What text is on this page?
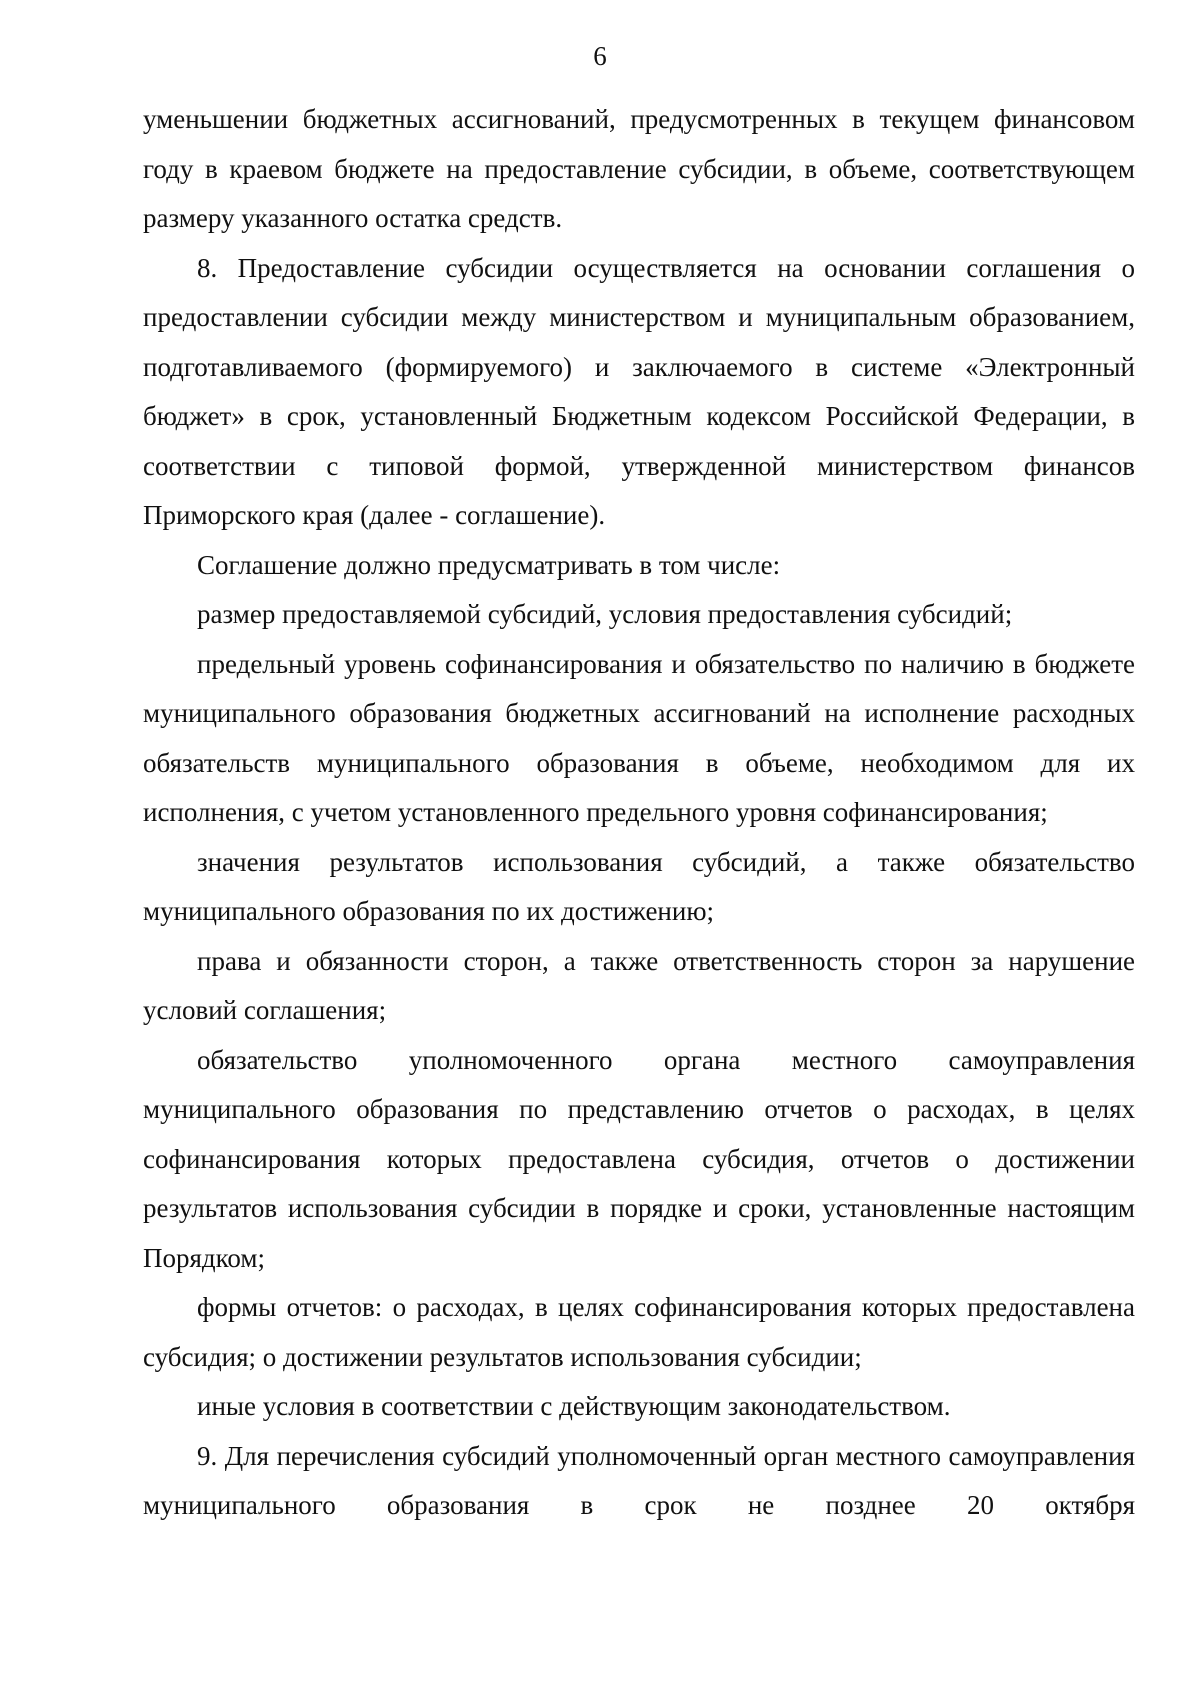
6

уменьшении бюджетных ассигнований, предусмотренных в текущем финансовом году в краевом бюджете на предоставление субсидии, в объеме, соответствующем размеру указанного остатка средств.

8. Предоставление субсидии осуществляется на основании соглашения о предоставлении субсидии между министерством и муниципальным образованием, подготавливаемого (формируемого) и заключаемого в системе «Электронный бюджет» в срок, установленный Бюджетным кодексом Российской Федерации, в соответствии с типовой формой, утвержденной министерством финансов Приморского края (далее - соглашение).

Соглашение должно предусматривать в том числе:

размер предоставляемой субсидий, условия предоставления субсидий;

предельный уровень софинансирования и обязательство по наличию в бюджете муниципального образования бюджетных ассигнований на исполнение расходных обязательств муниципального образования в объеме, необходимом для их исполнения, с учетом установленного предельного уровня софинансирования;

значения результатов использования субсидий, а также обязательство муниципального образования по их достижению;

права и обязанности сторон, а также ответственность сторон за нарушение условий соглашения;

обязательство уполномоченного органа местного самоуправления муниципального образования по представлению отчетов о расходах, в целях софинансирования которых предоставлена субсидия, отчетов о достижении результатов использования субсидии в порядке и сроки, установленные настоящим Порядком;

формы отчетов: о расходах, в целях софинансирования которых предоставлена субсидия; о достижении результатов использования субсидии;

иные условия в соответствии с действующим законодательством.

9. Для перечисления субсидий уполномоченный орган местного самоуправления муниципального образования в срок не позднее 20 октября
